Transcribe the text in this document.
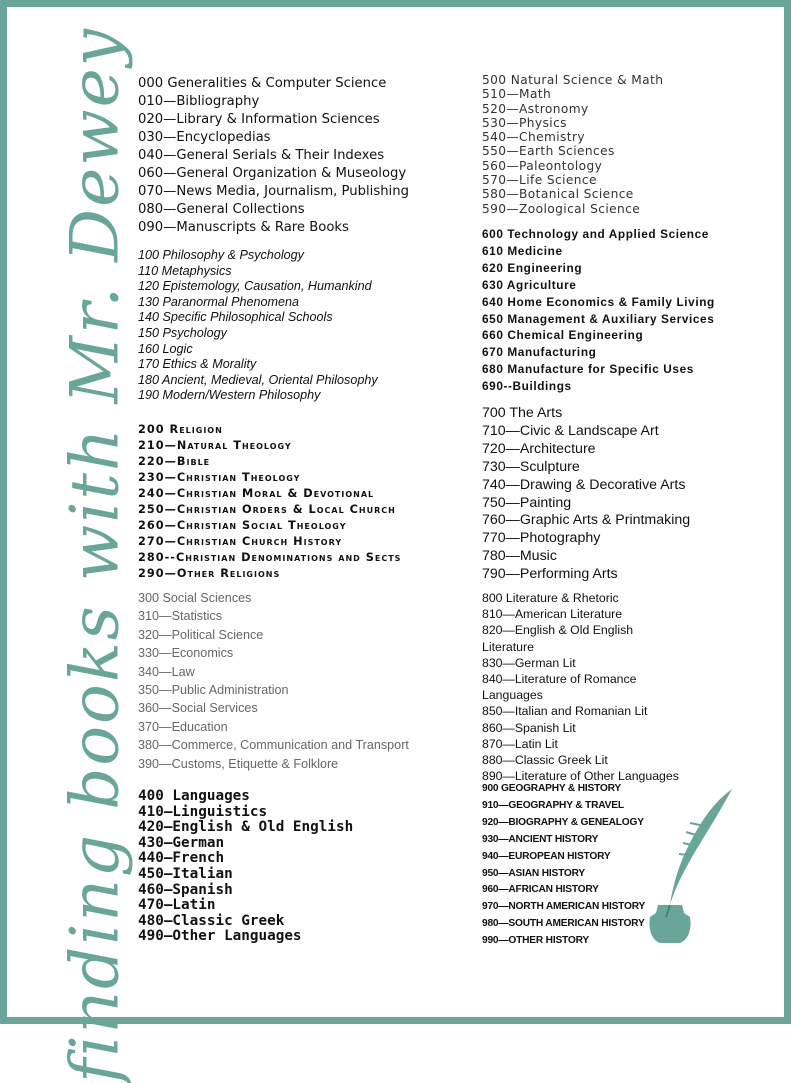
finding books with Mr. Dewey 000 Generalities & Computer Science
010—Bibliography
020—Library & Information Sciences
030—Encyclopedias
040—General Serials & Their Indexes
060—General Organization & Museology
070—News Media, Journalism, Publishing
080—General Collections
090—Manuscripts & Rare Books
100 Philosophy & Psychology
110 Metaphysics
120 Epistemology, Causation, Humankind
130 Paranormal Phenomena
140 Specific Philosophical Schools
150 Psychology
160 Logic
170 Ethics & Morality
180 Ancient, Medieval, Oriental Philosophy
190 Modern/Western Philosophy
200 Religion
210—Natural Theology
220—Bible
230—Christian Theology
240—Christian Moral & Devotional
250—Christian Orders & Local Church
260—Christian Social Theology
270—Christian Church History
280--Christian Denominations and Sects
290—Other Religions
300 Social Sciences
310—Statistics
320—Political Science
330—Economics
340—Law
350—Public Administration
360—Social Services
370—Education
380—Commerce, Communication and Transport
390—Customs, Etiquette & Folklore
400 Languages
410—Linguistics
420—English & Old English
430—German
440—French
450—Italian
460—Spanish
470—Latin
480—Classic Greek
490—Other Languages
500 Natural Science & Math
510—Math
520—Astronomy
530—Physics
540—Chemistry
550—Earth Sciences
560—Paleontology
570—Life Science
580—Botanical Science
590—Zoological Science
600 Technology and Applied Science
610 Medicine
620 Engineering
630 Agriculture
640 Home Economics & Family Living
650 Management & Auxiliary Services
660 Chemical Engineering
670 Manufacturing
680 Manufacture for Specific Uses
690--Buildings
700 The Arts
710—Civic & Landscape Art
720—Architecture
730—Sculpture
740—Drawing & Decorative Arts
750—Painting
760—Graphic Arts & Printmaking
770—Photography
780—Music
790—Performing Arts
800 Literature & Rhetoric
810—American Literature
820—English & Old English Literature
830—German Lit
840—Literature of Romance Languages
850—Italian and Romanian Lit
860—Spanish Lit
870—Latin Lit
880—Classic Greek Lit
890—Literature of Other Languages
900 GEOGRAPHY & HISTORY
910—GEOGRAPHY & TRAVEL
920—BIOGRAPHY & GENEALOGY
930—ANCIENT HISTORY
940—EUROPEAN HISTORY
950—ASIAN HISTORY
960—AFRICAN HISTORY
970—NORTH AMERICAN HISTORY
980—SOUTH AMERICAN HISTORY
990—OTHER HISTORY
